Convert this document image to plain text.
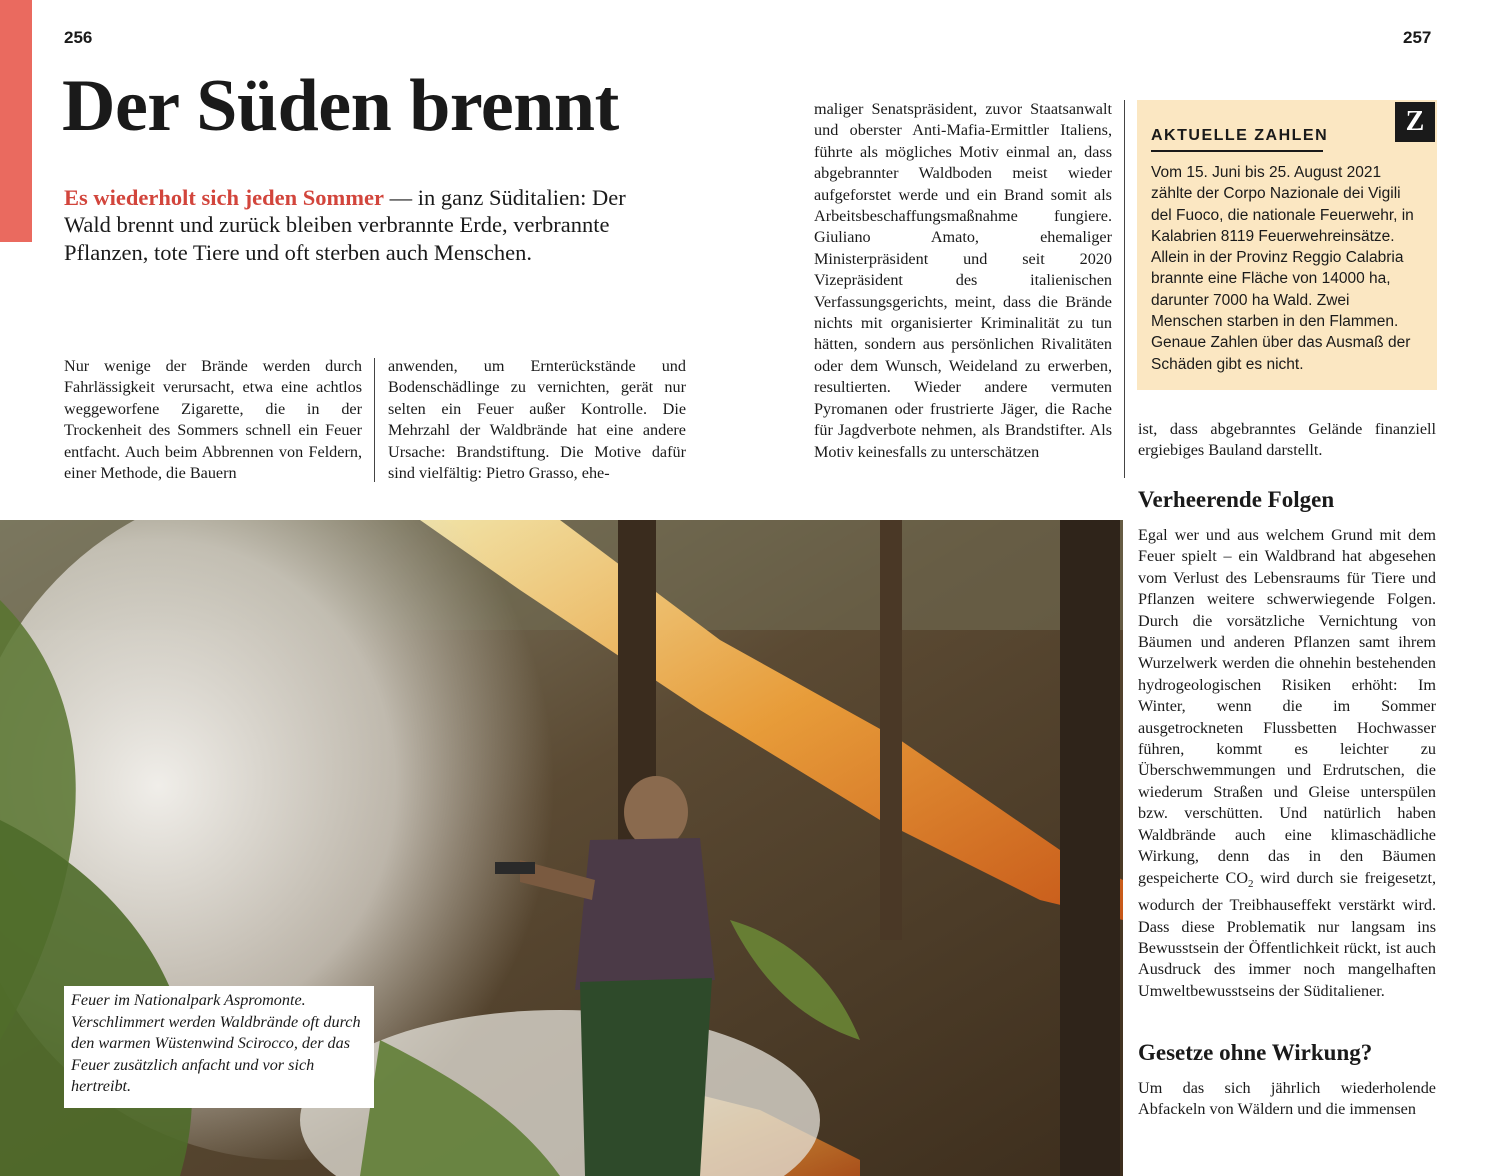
256	257
Der Süden brennt
Es wiederholt sich jeden Sommer — in ganz Süditalien: Der Wald brennt und zurück bleiben verbrannte Erde, verbrannte Pflanzen, tote Tiere und oft sterben auch Menschen.

Nur wenige der Brände werden durch Fahrlässigkeit verursacht, etwa eine achtlos weggeworfene Zigarette, die in der Trockenheit des Sommers schnell ein Feuer entfacht. Auch beim Abbrennen von Feldern, einer Methode, die Bauern

anwenden, um Ernterückstände und Bodenschädlinge zu vernichten, gerät nur selten ein Feuer außer Kontrolle. Die Mehrzahl der Waldbrände hat eine andere Ursache: Brandstiftung. Die Motive dafür sind vielfältig: Pietro Grasso, ehe-

maliger Senatspräsident, zuvor Staatsanwalt und oberster Anti-Mafia-Ermittler Italiens, führte als mögliches Motiv einmal an, dass abgebrannter Waldboden meist wieder aufgeforstet werde und ein Brand somit als Arbeitsbeschaffungsmaßnahme fungiere. Giuliano Amato, ehemaliger Ministerpräsident und seit 2020 Vizepräsident des italienischen Verfassungsgerichts, meint, dass die Brände nichts mit organisierter Kriminalität zu tun hätten, sondern aus persönlichen Rivalitäten oder dem Wunsch, Weideland zu erwerben, resultierten. Wieder andere vermuten Pyromanen oder frustrierte Jäger, die Rache für Jagdverbote nehmen, als Brandstifter. Als Motiv keinesfalls zu unterschätzen

AKTUELLE ZAHLEN	Z
Vom 15. Juni bis 25. August 2021 zählte der Corpo Nazionale dei Vigili del Fuoco, die nationale Feuerwehr, in Kalabrien 8119 Feuerwehreinsätze. Allein in der Provinz Reggio Calabria brannte eine Fläche von 14000 ha, darunter 7000 ha Wald. Zwei Menschen starben in den Flammen. Genaue Zahlen über das Ausmaß der Schäden gibt es nicht.

ist, dass abgebranntes Gelände finanziell ergiebiges Bauland darstellt.

Verheerende Folgen

Egal wer und aus welchem Grund mit dem Feuer spielt – ein Waldbrand hat abgesehen vom Verlust des Lebensraums für Tiere und Pflanzen weitere schwerwiegende Folgen. Durch die vorsätzliche Vernichtung von Bäumen und anderen Pflanzen samt ihrem Wurzelwerk werden die ohnehin bestehenden hydrogeologischen Risiken erhöht: Im Winter, wenn die im Sommer ausgetrockneten Flussbetten Hochwasser führen, kommt es leichter zu Überschwemmungen und Erdrutschen, die wiederum Straßen und Gleise unterspülen bzw. verschütten. Und natürlich haben Waldbrände auch eine klimaschädliche Wirkung, denn das in den Bäumen gespeicherte $CO_2$ wird durch sie freigesetzt, wodurch der Treibhauseffekt verstärkt wird. Dass diese Problematik nur langsam ins Bewusstsein der Öffentlichkeit rückt, ist auch Ausdruck des immer noch mangelhaften Umweltbewusstseins der Süditaliener.

Gesetze ohne Wirkung?

Um das sich jährlich wiederholende Abfackeln von Wäldern und die immensen

Feuer im Nationalpark Aspromonte. Verschlimmert werden Waldbrände oft durch den warmen Wüstenwind Scirocco, der das Feuer zusätzlich anfacht und vor sich hertreibt.
